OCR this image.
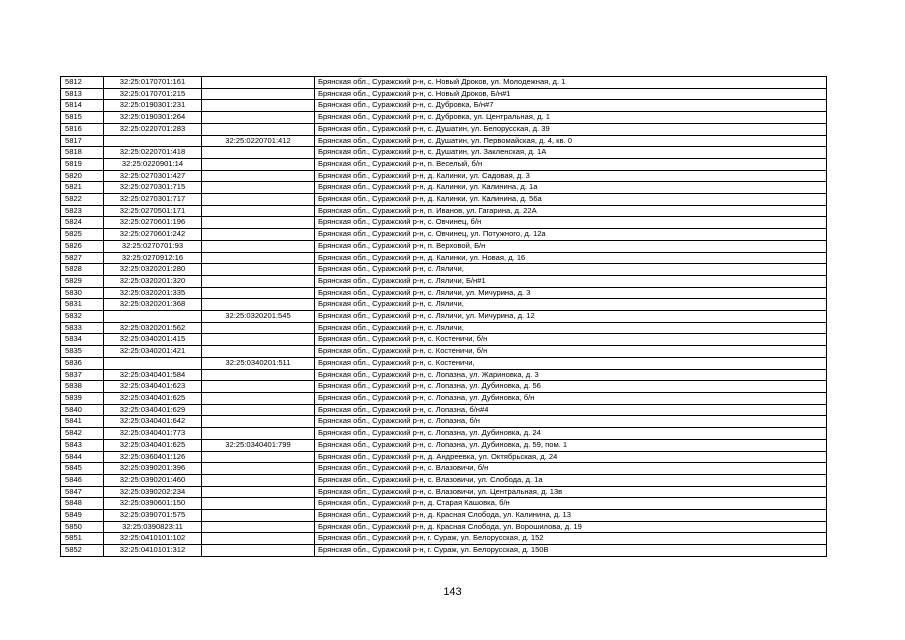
5812	32:25:0170701:161		Брянская обл., Суражский р-н, с. Новый Дроков, ул. Молодежная, д. 1
5813	32:25:0170701:215		Брянская обл., Суражский р-н, с. Новый Дроков, Б/н#1
5814	32:25:0190301:231		Брянская обл., Суражский р-н, с. Дубровка, Б/н#7
5815	32:25:0190301:264		Брянская обл., Суражский р-н, с. Дубровка, ул. Центральная, д. 1
5816	32:25:0220701:283		Брянская обл., Суражский р-н, с. Душатин, ул. Белорусская, д. 39
5817		32:25:0220701:412	Брянская обл., Суражский р-н, с. Душатин, ул. Первомайская, д. 4, кв. 0
5818	32:25:0220701:418		Брянская обл., Суражский р-н, с. Душатин, ул. Закленская, д. 1А
5819	32:25:0220901:14		Брянская обл., Суражский р-н, п. Веселый, б/н
5820	32:25:0270301:427		Брянская обл., Суражский р-н, д. Калинки, ул. Садовая, д. 3
5821	32:25:0270301:715		Брянская обл., Суражский р-н, д. Калинки, ул. Калинина, д. 1а
5822	32:25:0270301:717		Брянская обл., Суражский р-н, д. Калинки, ул. Калинина, д. 56а
5823	32:25:0270501:171		Брянская обл., Суражский р-н, п. Иванов, ул. Гагарина, д. 22А
5824	32:25:0270601:196		Брянская обл., Суражский р-н, с. Овчинец, б/н
5825	32:25:0270601:242		Брянская обл., Суражский р-н, с. Овчинец, ул. Потужного, д. 12а
5826	32:25:0270701:93		Брянская обл., Суражский р-н, п. Верховой, Б/н
5827	32:25:0270912:16		Брянская обл., Суражский р-н, д. Калинки, ул. Новая, д. 16
5828	32:25:0320201:280		Брянская обл., Суражский р-н, с. Ляличи,
5829	32:25:0320201:320		Брянская обл., Суражский р-н, с. Ляличи, Б/н#1
5830	32:25:0320201:335		Брянская обл., Суражский р-н, с. Ляличи, ул. Мичурина, д. 3
5831	32:25:0320201:368		Брянская обл., Суражский р-н, с. Ляличи,
5832		32:25:0320201:545	Брянская обл., Суражский р-н, с. Ляличи, ул. Мичурина, д. 12
5833	32:25:0320201:562		Брянская обл., Суражский р-н, с. Ляличи,
5834	32:25:0340201:415		Брянская обл., Суражский р-н, с. Костеничи, б/н
5835	32:25:0340201:421		Брянская обл., Суражский р-н, с. Костеничи, б/н
5836		32:25:0340201:511	Брянская обл., Суражский р-н, с. Костеничи,
5837	32:25:0340401:584		Брянская обл., Суражский р-н, с. Лопазна, ул. Жариновка, д. 3
5838	32:25:0340401:623		Брянская обл., Суражский р-н, с. Лопазна, ул. Дубиновка, д. 56
5839	32:25:0340401:625		Брянская обл., Суражский р-н, с. Лопазна, ул. Дубиновка, б/н
5840	32:25:0340401:629		Брянская обл., Суражский р-н, с. Лопазна, б/н#4
5841	32:25:0340401:642		Брянская обл., Суражский р-н, с. Лопазна, б/н
5842	32:25:0340401:773		Брянская обл., Суражский р-н, с. Лопазна, ул. Дубиновка, д. 24
5843	32:25:0340401:625	32:25:0340401:799	Брянская обл., Суражский р-н, с. Лопазна, ул. Дубиновка, д. 59, пом. 1
5844	32:25:0360401:126		Брянская обл., Суражский р-н, д. Андреевка, ул. Октябрьская, д. 24
5845	32:25:0390201:396		Брянская обл., Суражский р-н, с. Влазовичи, б/н
5846	32:25:0390201:460		Брянская обл., Суражский р-н, с. Влазовичи, ул. Слобода, д. 1а
5847	32:25:0390202:234		Брянская обл., Суражский р-н, с. Влазовичи, ул. Центральная, д. 13в
5848	32:25:0390601:150		Брянская обл., Суражский р-н, д. Старая Кашовка, б/н
5849	32:25:0390701:575		Брянская обл., Суражский р-н, д. Красная Слобода, ул. Калинина, д. 13
5850	32:25:0390823:11		Брянская обл., Суражский р-н, д. Красная Слобода, ул. Ворошилова, д. 19
5851	32:25:0410101:102		Брянская обл., Суражский р-н, г. Сураж, ул. Белорусская, д. 152
5852	32:25:0410101:312		Брянская обл., Суражский р-н, г. Сураж, ул. Белорусская, д. 150В
143
